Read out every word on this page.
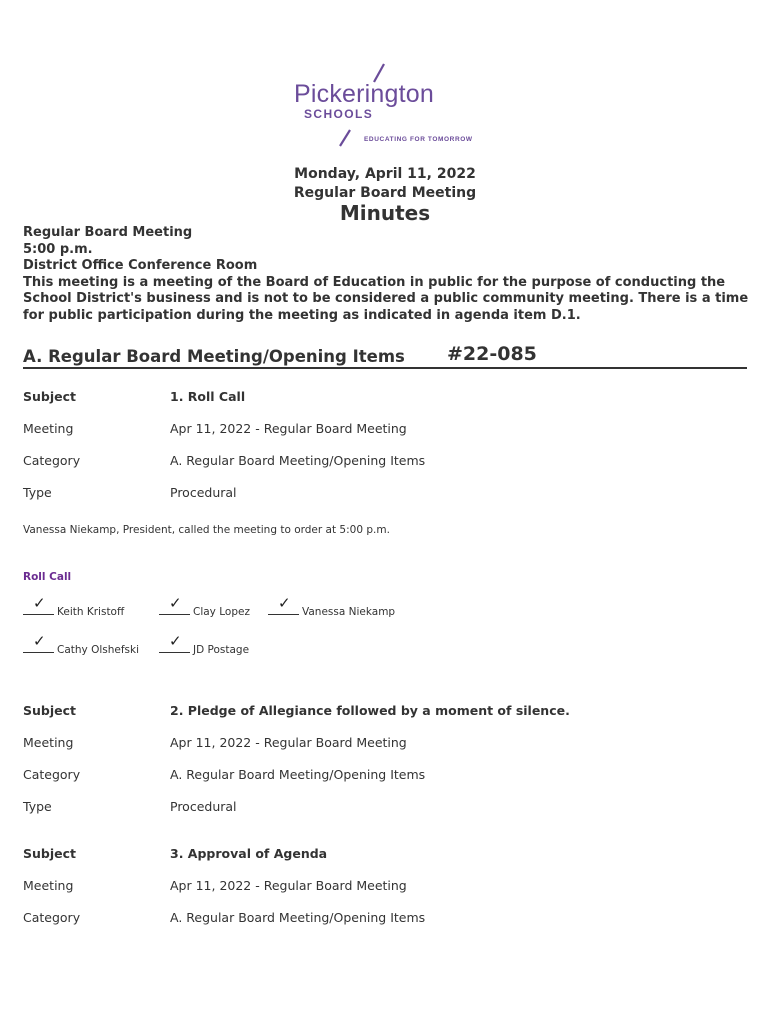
Pickerington
SCHOOLS
EDUCATING FOR TOMORROW
Monday, April 11, 2022
Regular Board Meeting
Minutes
Regular Board Meeting
5:00 p.m.
District Office Conference Room
This meeting is a meeting of the Board of Education in public for the purpose of conducting the
School District's business and is not to be considered a public community meeting. There is a time
for public participation during the meeting as indicated in agenda item D.1.
A. Regular Board Meeting/Opening Items #22-085
Subject	1. Roll Call
Meeting	Apr 11, 2022 - Regular Board Meeting
Category	A. Regular Board Meeting/Opening Items
Type	Procedural
Vanessa Niekamp, President, called the meeting to order at 5:00 p.m.
Roll Call
✓ Keith Kristoff	✓ Clay Lopez ✓ Vanessa Niekamp
✓ Cathy Olshefski ✓ JD Postage
Subject	2. Pledge of Allegiance followed by a moment of silence.
Meeting	Apr 11, 2022 - Regular Board Meeting
Category	A. Regular Board Meeting/Opening Items
Type	Procedural
Subject	3. Approval of Agenda
Meeting	Apr 11, 2022 - Regular Board Meeting
Category	A. Regular Board Meeting/Opening Items
